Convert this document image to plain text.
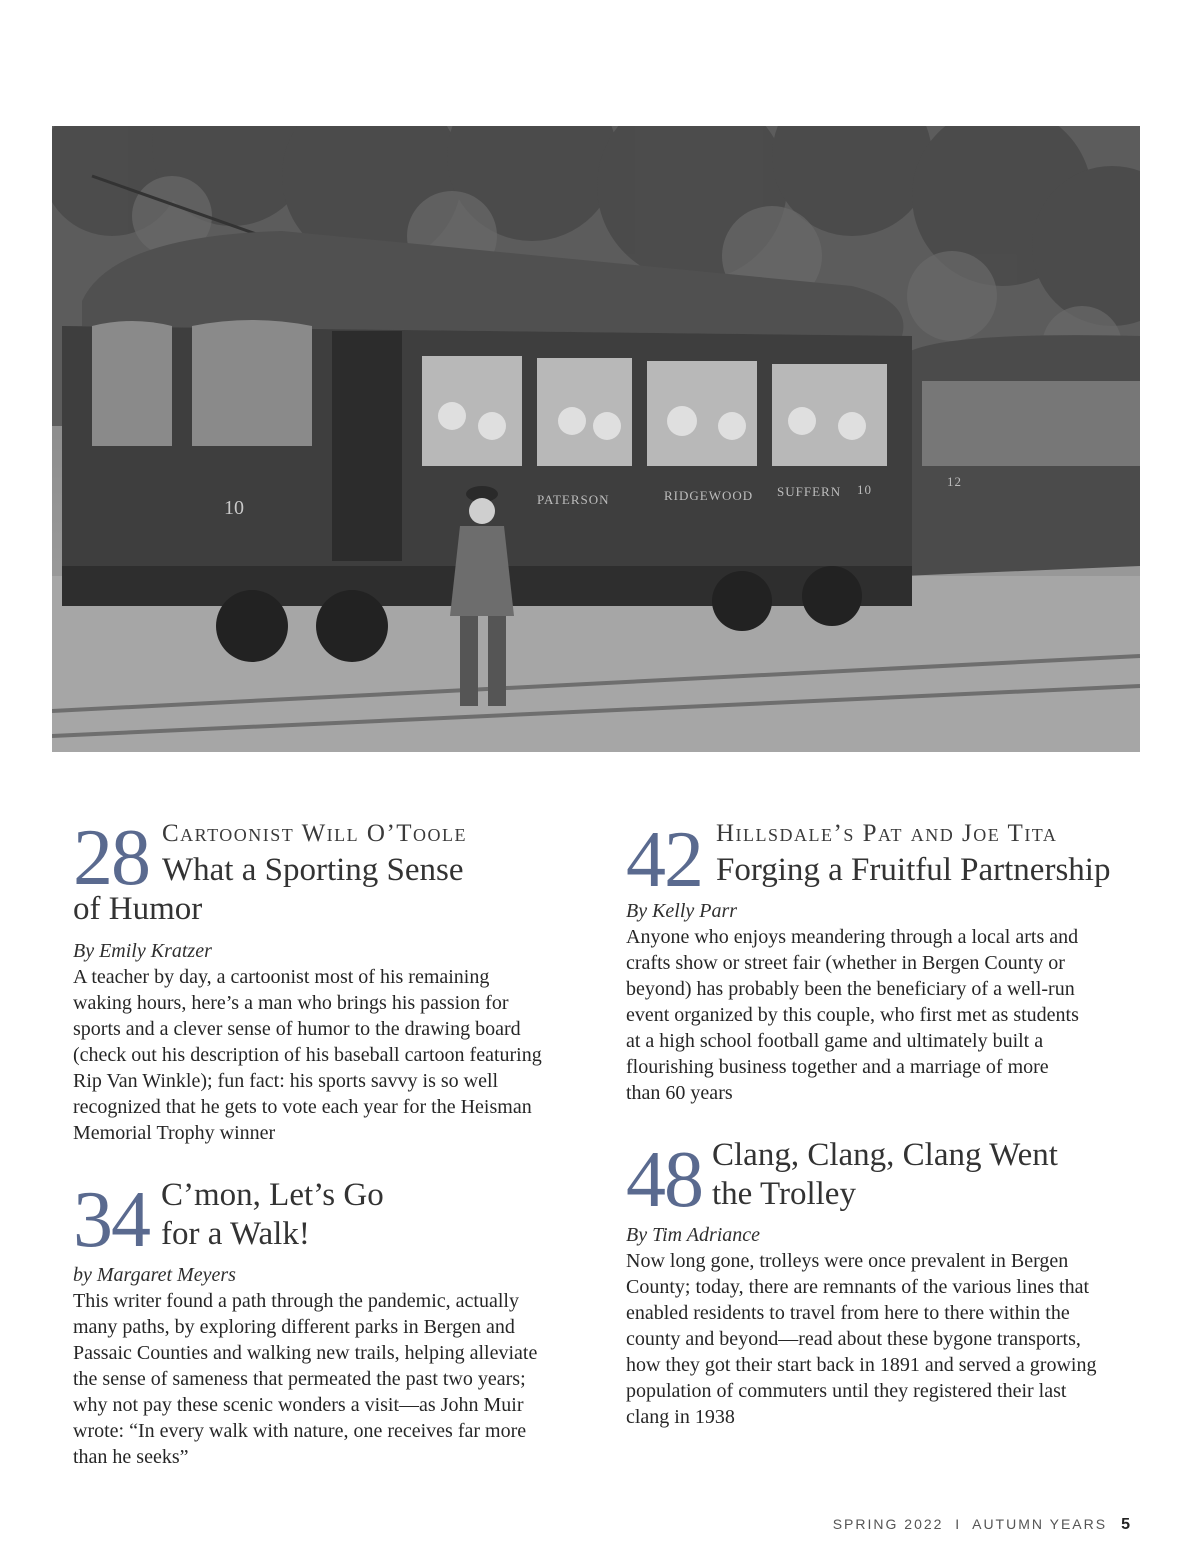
10	PATERSON	RIDGEWOOD SUFFERN 10
12
28 Cartoonist Will O’Toole
What a Sporting Sense
of Humor
By Emily Kratzer
A teacher by day, a cartoonist most of his remaining
waking hours, here’s a man who brings his passion for
sports and a clever sense of humor to the drawing board
(check out his description of his baseball cartoon featuring
Rip Van Winkle); fun fact: his sports savvy is so well
recognized that he gets to vote each year for the Heisman
Memorial Trophy winner
34 C’mon, Let’s Go
for a Walk!
by Margaret Meyers
This writer found a path through the pandemic, actually
many paths, by exploring different parks in Bergen and
Passaic Counties and walking new trails, helping alleviate
the sense of sameness that permeated the past two years;
why not pay these scenic wonders a visit—as John Muir
wrote: “In every walk with nature, one receives far more
than he seeks”
42 Hillsdale’s Pat and Joe Tita
Forging a Fruitful Partnership
By Kelly Parr
Anyone who enjoys meandering through a local arts and
crafts show or street fair (whether in Bergen County or
beyond) has probably been the beneficiary of a well-run
event organized by this couple, who first met as students
at a high school football game and ultimately built a
flourishing business together and a marriage of more
than 60 years
48 Clang, Clang, Clang Went
the Trolley
By Tim Adriance
Now long gone, trolleys were once prevalent in Bergen
County; today, there are remnants of the various lines that
enabled residents to travel from here to there within the
county and beyond—read about these bygone transports,
how they got their start back in 1891 and served a growing
population of commuters until they registered their last
clang in 1938
SPRING 2022  I  AUTUMN YEARS 5
